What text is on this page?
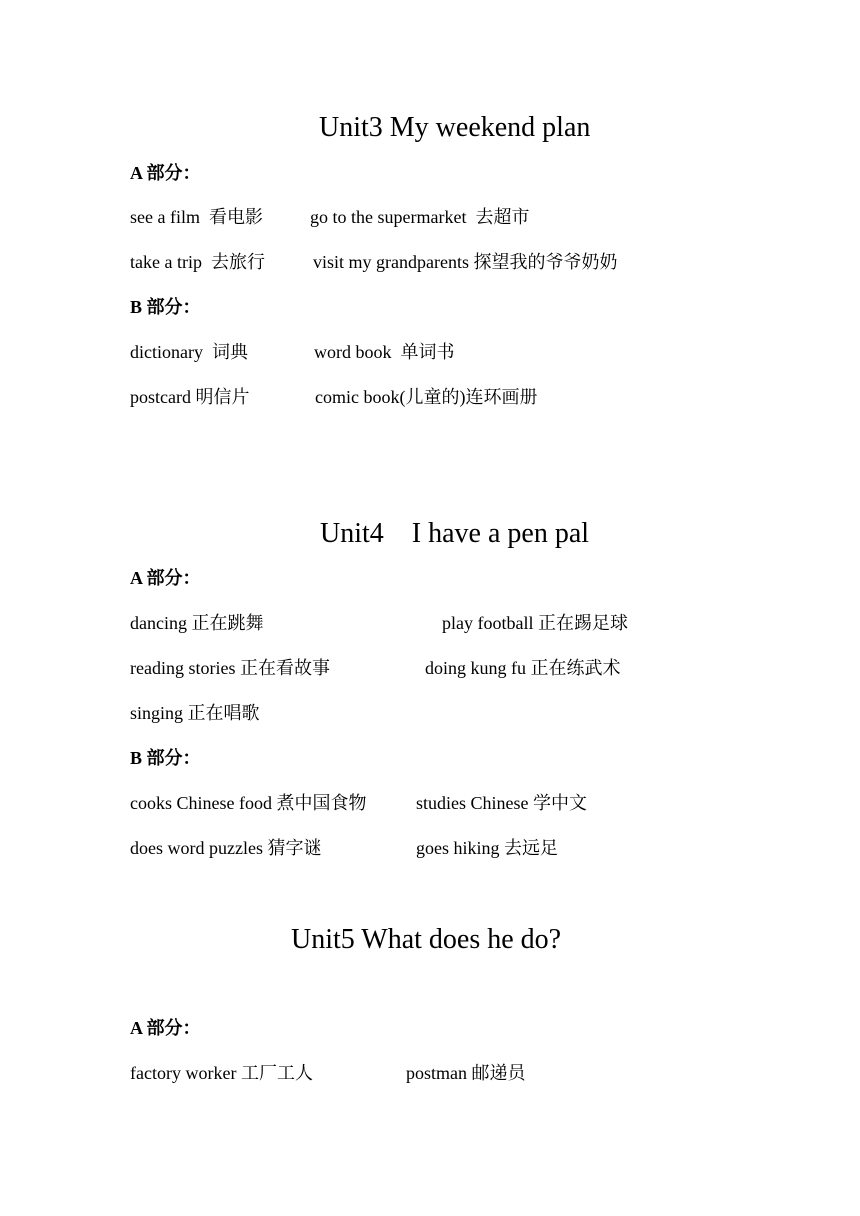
Unit3 My weekend plan
A 部分：
see a film  看电影	go to the supermarket  去超市
take a trip  去旅行	visit my grandparents 探望我的爷爷奶奶
B 部分：
dictionary  词典	word book  单词书
postcard 明信片	comic book(儿童的)连环画册
Unit4    I have a pen pal
A 部分：
dancing 正在跳舞	play football 正在踢足球
reading stories 正在看故事	doing kung fu 正在练武术
singing 正在唱歌
B 部分：
cooks Chinese food 煮中国食物	studies Chinese 学中文
does word puzzles 猜字谜	goes hiking 去远足
Unit5 What does he do?
A 部分：
factory worker 工厂工人	postman 邮递员
